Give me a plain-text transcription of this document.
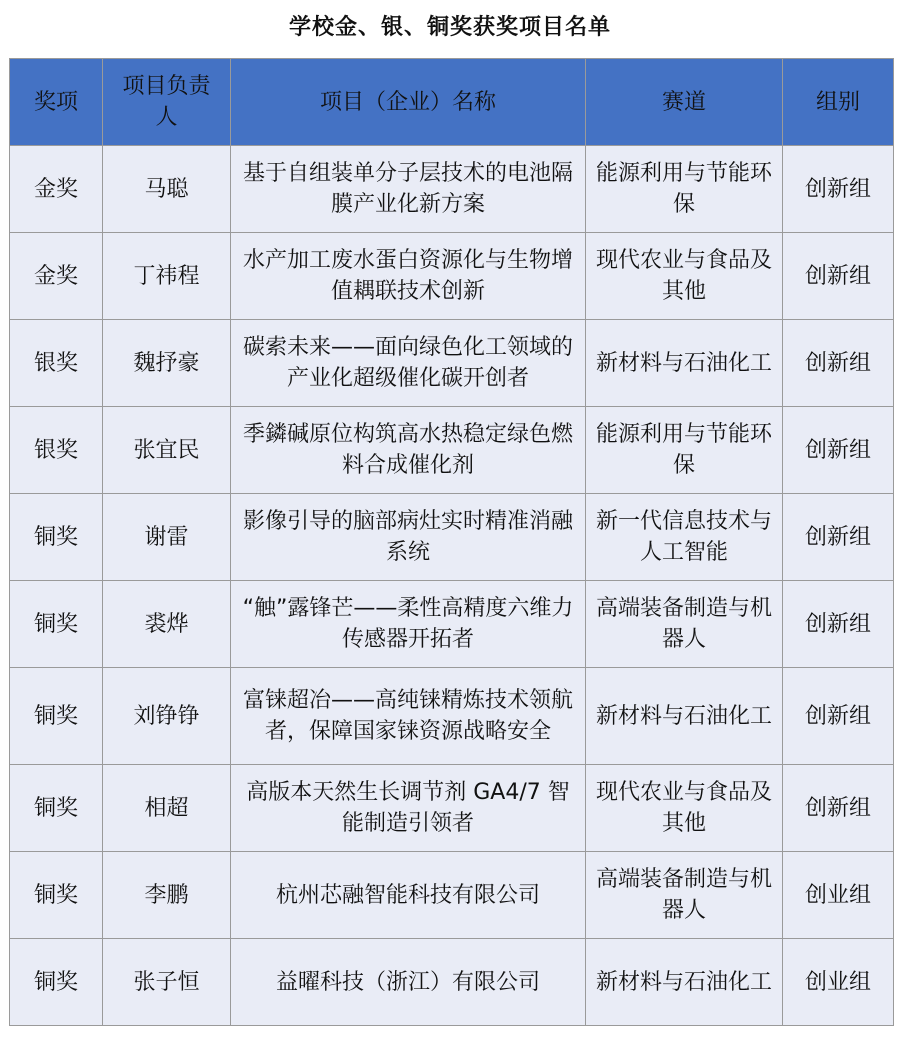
学校金、银、铜奖获奖项目名单
奖项	项目负责人	项目（企业）名称	赛道	组别
金奖	马聪	基于自组装单分子层技术的电池隔膜产业化新方案	能源利用与节能环保	创新组
金奖	丁祎程	水产加工废水蛋白资源化与生物增值耦联技术创新	现代农业与食品及其他	创新组
银奖	魏抒豪	碳索未来——面向绿色化工领域的产业化超级催化碳开创者	新材料与石油化工	创新组
银奖	张宜民	季鏻碱原位构筑高水热稳定绿色燃料合成催化剂	能源利用与节能环保	创新组
铜奖	谢雷	影像引导的脑部病灶实时精准消融系统	新一代信息技术与人工智能	创新组
铜奖	裘烨	“触”露锋芒——柔性高精度六维力传感器开拓者	高端装备制造与机器人	创新组
铜奖	刘铮铮	富铼超冶——高纯铼精炼技术领航者，保障国家铼资源战略安全	新材料与石油化工	创新组
铜奖	相超	高版本天然生长调节剂 GA4/7 智能制造引领者	现代农业与食品及其他	创新组
铜奖	李鹏	杭州芯融智能科技有限公司	高端装备制造与机器人	创业组
铜奖	张子恒	益曜科技（浙江）有限公司	新材料与石油化工	创业组
